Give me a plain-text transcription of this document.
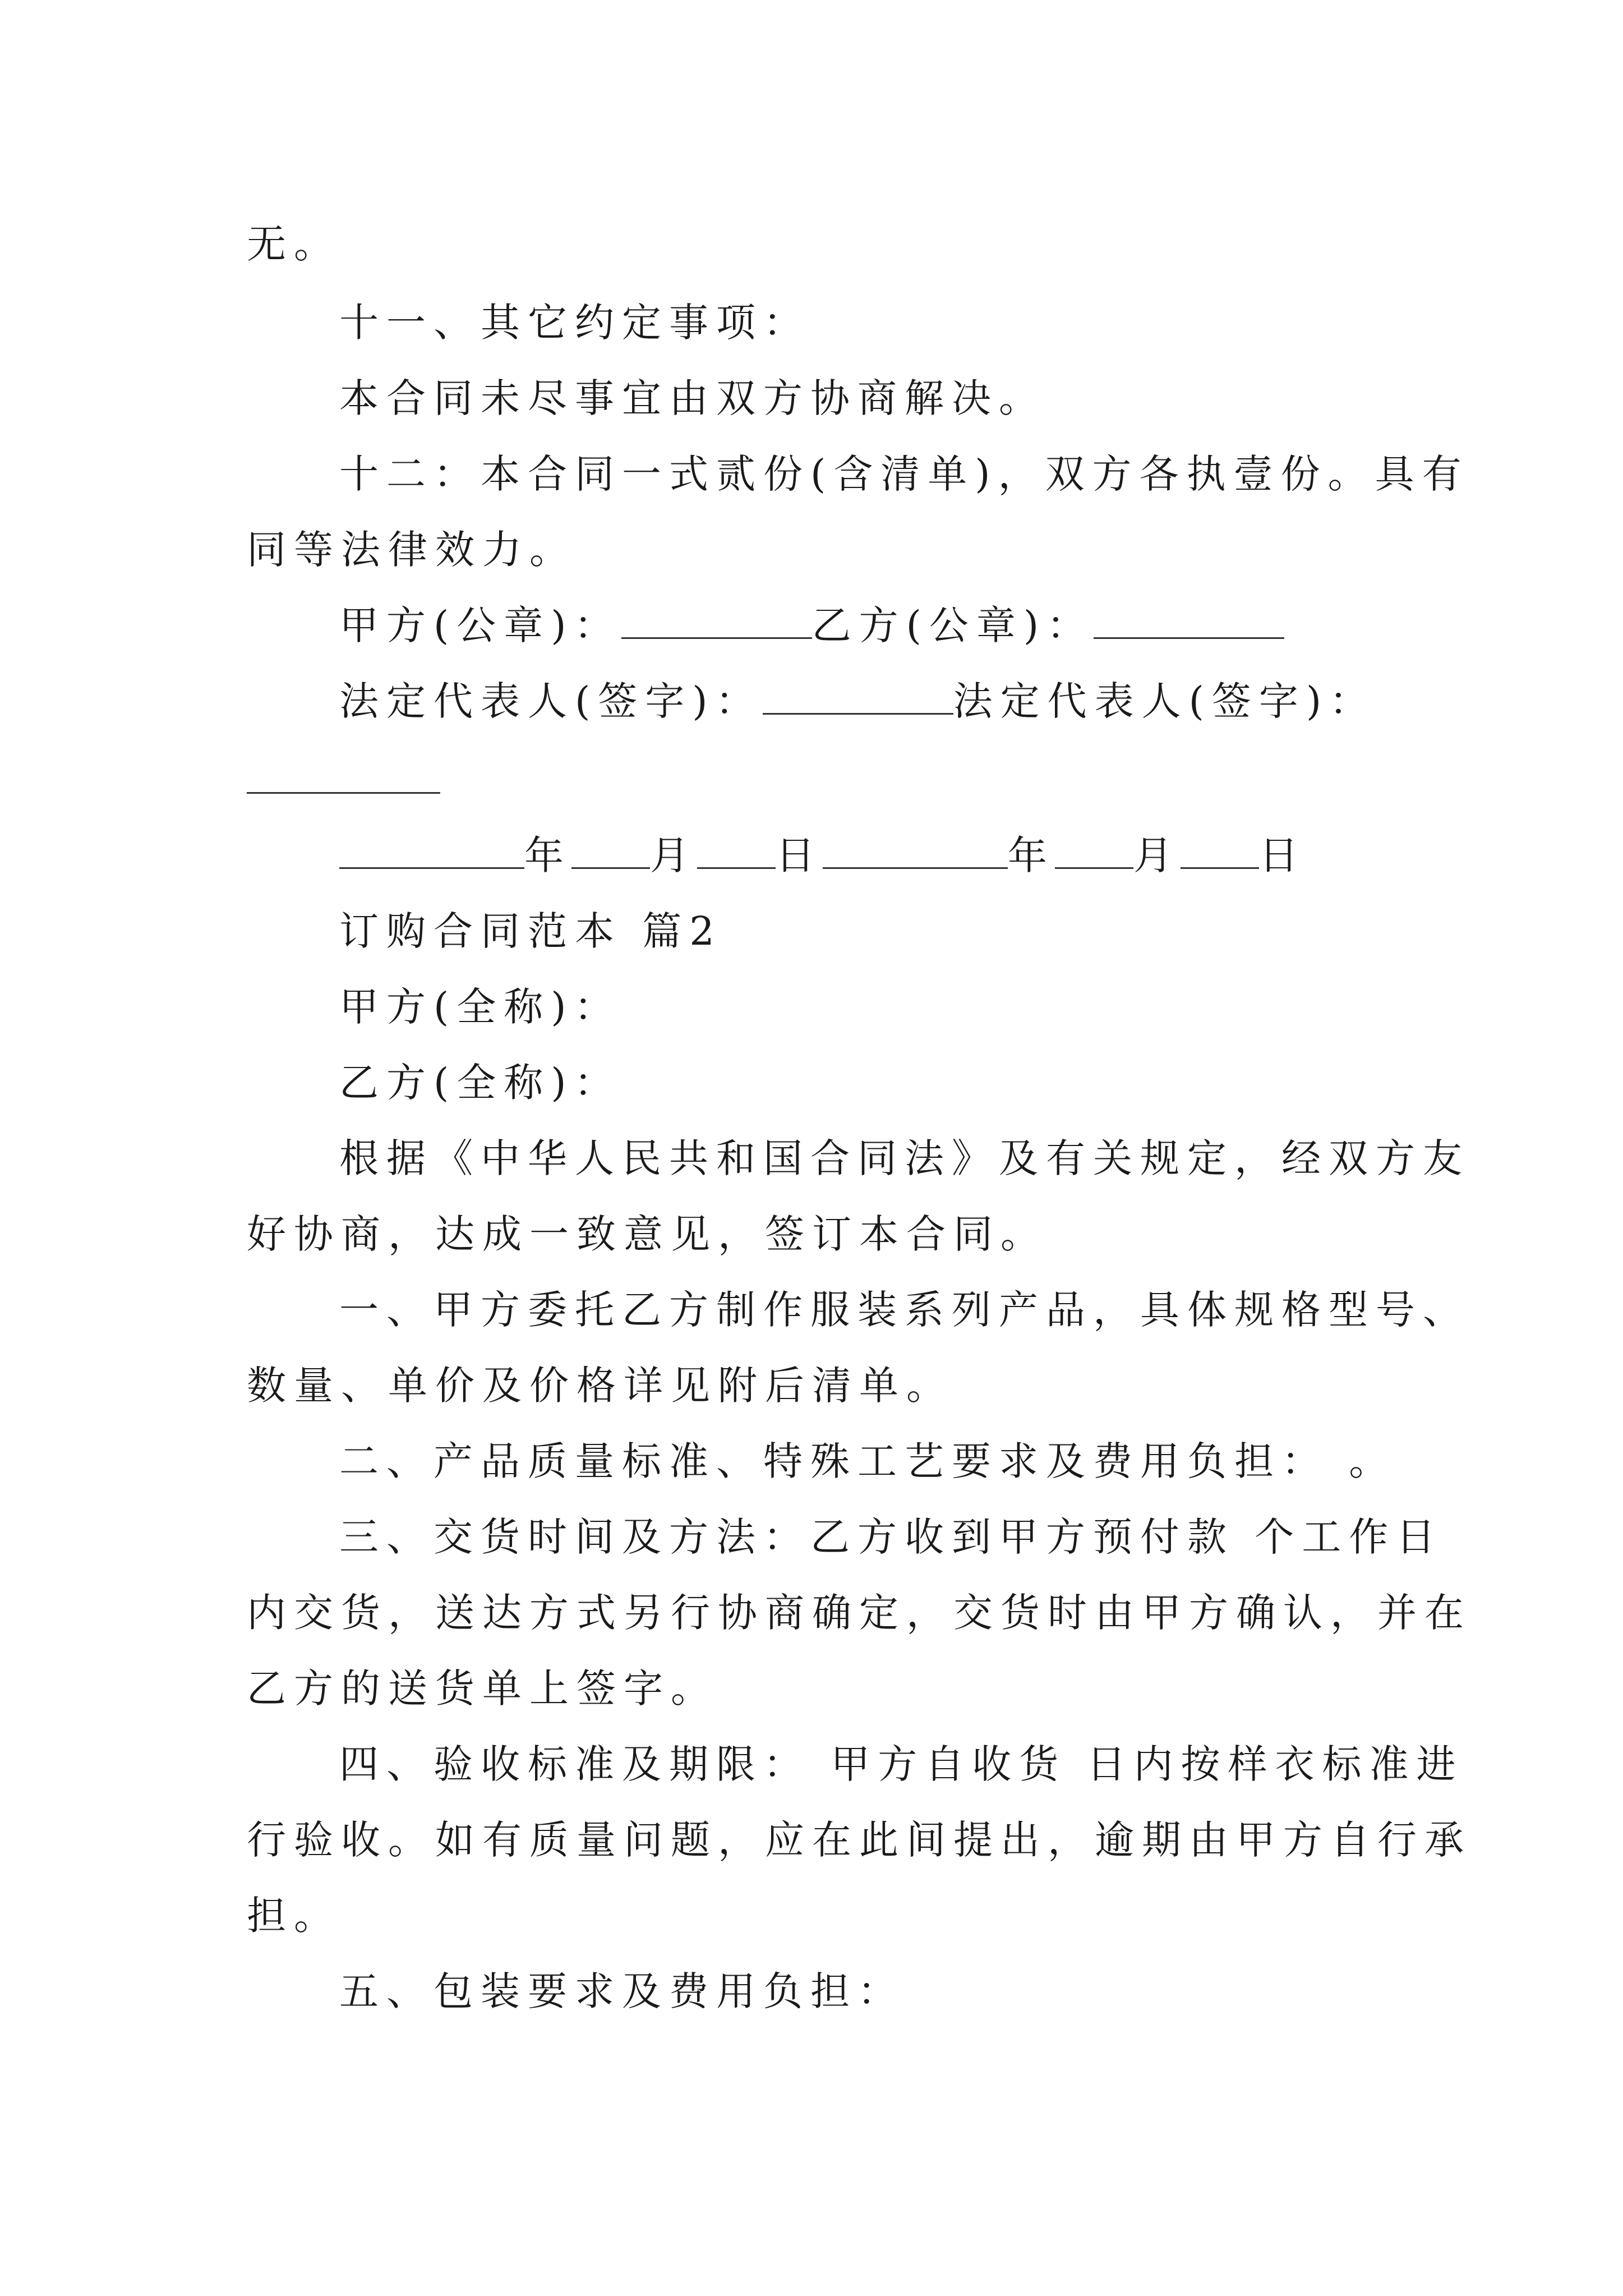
无。
十一、其它约定事项：
本合同未尽事宜由双方协商解决。
十二：本合同一式贰份(含清单)，双方各执壹份。具有
同等法律效力。
甲方(公章)：	乙方(公章)：
法定代表人(签字)：	法定代表人(签字)：
年 月 日	年 月 日
订购合同范本 篇2
甲方(全称)：
乙方(全称)：
根据《中华人民共和国合同法》及有关规定，经双方友
好协商，达成一致意见，签订本合同。
一、甲方委托乙方制作服装系列产品，具体规格型号、
数量、单价及价格详见附后清单。
二、产品质量标准、特殊工艺要求及费用负担： 。
三、交货时间及方法：乙方收到甲方预付款 个工作日
内交货，送达方式另行协商确定，交货时由甲方确认，并在
乙方的送货单上签字。
四、验收标准及期限： 甲方自收货 日内按样衣标准进
行验收。如有质量问题，应在此间提出，逾期由甲方自行承
担。
五、包装要求及费用负担：
